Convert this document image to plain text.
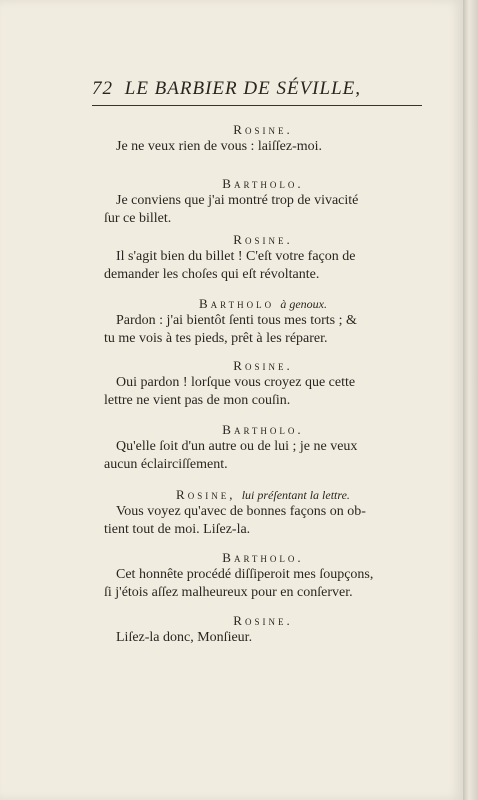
72 LE BARBIER DE SÉVILLE,
Rosine.
Je ne veux rien de vous : laiſſez-moi.
Bartholo.
Je conviens que j'ai montré trop de vivacité
ſur ce billet.
Rosine.
Il s'agit bien du billet ! C'eſt votre façon de
demander les choſes qui eſt révoltante.
Bartholo à genoux.
Pardon : j'ai bientôt ſenti tous mes torts ; &
tu me vois à tes pieds, prêt à les réparer.
Rosine.
Oui pardon ! lorſque vous croyez que cette
lettre ne vient pas de mon couſin.
Bartholo.
Qu'elle ſoit d'un autre ou de lui ; je ne veux
aucun éclairciſſement.
Rosine, lui préſentant la lettre.
Vous voyez qu'avec de bonnes façons on ob-
tient tout de moi. Liſez-la.
Bartholo.
Cet honnête procédé diſſiperoit mes ſoupçons,
ſi j'étois aſſez malheureux pour en conſerver.
Rosine.
Liſez-la donc, Monſieur.
